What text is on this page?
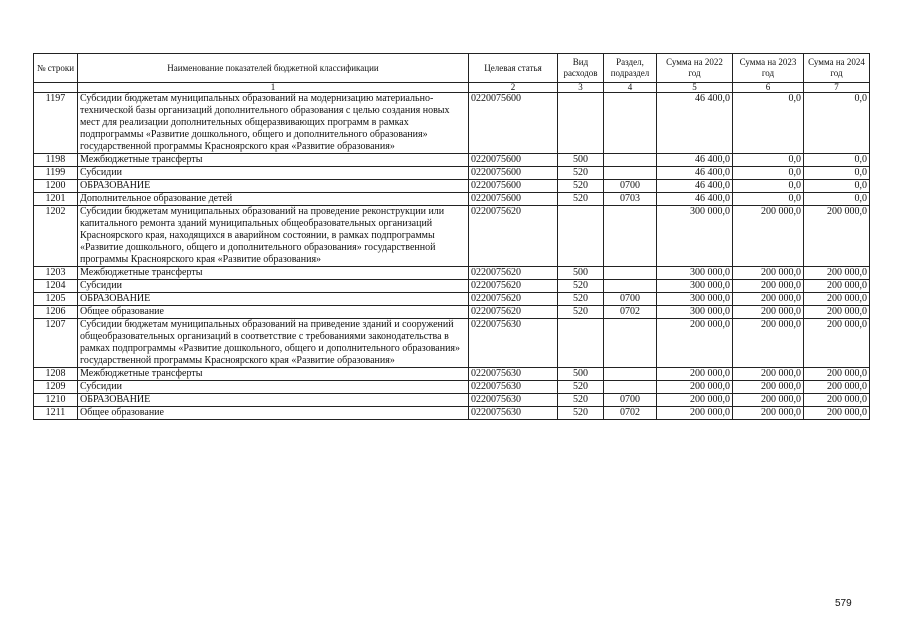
№ строки	Наименование показателей бюджетной классификации	Целевая статья	Вид расходов	Раздел, подраздел	Сумма на 2022 год	Сумма на 2023 год	Сумма на 2024 год
	1	2	3	4	5	6	7
1197	Субсидии бюджетам муниципальных образований на модернизацию материально-технической базы организаций дополнительного образования с целью создания новых мест для реализации дополнительных общеразвивающих программ в рамках подпрограммы «Развитие дошкольного, общего и дополнительного образования» государственной программы Красноярского края «Развитие образования»	0220075600			46 400,0	0,0	0,0
1198	Межбюджетные трансферты	0220075600	500		46 400,0	0,0	0,0
1199	Субсидии	0220075600	520		46 400,0	0,0	0,0
1200	ОБРАЗОВАНИЕ	0220075600	520	0700	46 400,0	0,0	0,0
1201	Дополнительное образование детей	0220075600	520	0703	46 400,0	0,0	0,0
1202	Субсидии бюджетам муниципальных образований на проведение реконструкции или капитального ремонта зданий муниципальных общеобразовательных организаций Красноярского края, находящихся в аварийном состоянии, в рамках подпрограммы «Развитие дошкольного, общего и дополнительного образования» государственной программы Красноярского края «Развитие образования»	0220075620			300 000,0	200 000,0	200 000,0
1203	Межбюджетные трансферты	0220075620	500		300 000,0	200 000,0	200 000,0
1204	Субсидии	0220075620	520		300 000,0	200 000,0	200 000,0
1205	ОБРАЗОВАНИЕ	0220075620	520	0700	300 000,0	200 000,0	200 000,0
1206	Общее образование	0220075620	520	0702	300 000,0	200 000,0	200 000,0
1207	Субсидии бюджетам муниципальных образований на приведение зданий и сооружений общеобразовательных организаций в соответствие с требованиями законодательства в рамках подпрограммы «Развитие дошкольного, общего и дополнительного образования» государственной программы Красноярского края «Развитие образования»	0220075630			200 000,0	200 000,0	200 000,0
1208	Межбюджетные трансферты	0220075630	500		200 000,0	200 000,0	200 000,0
1209	Субсидии	0220075630	520		200 000,0	200 000,0	200 000,0
1210	ОБРАЗОВАНИЕ	0220075630	520	0700	200 000,0	200 000,0	200 000,0
1211	Общее образование	0220075630	520	0702	200 000,0	200 000,0	200 000,0
579
